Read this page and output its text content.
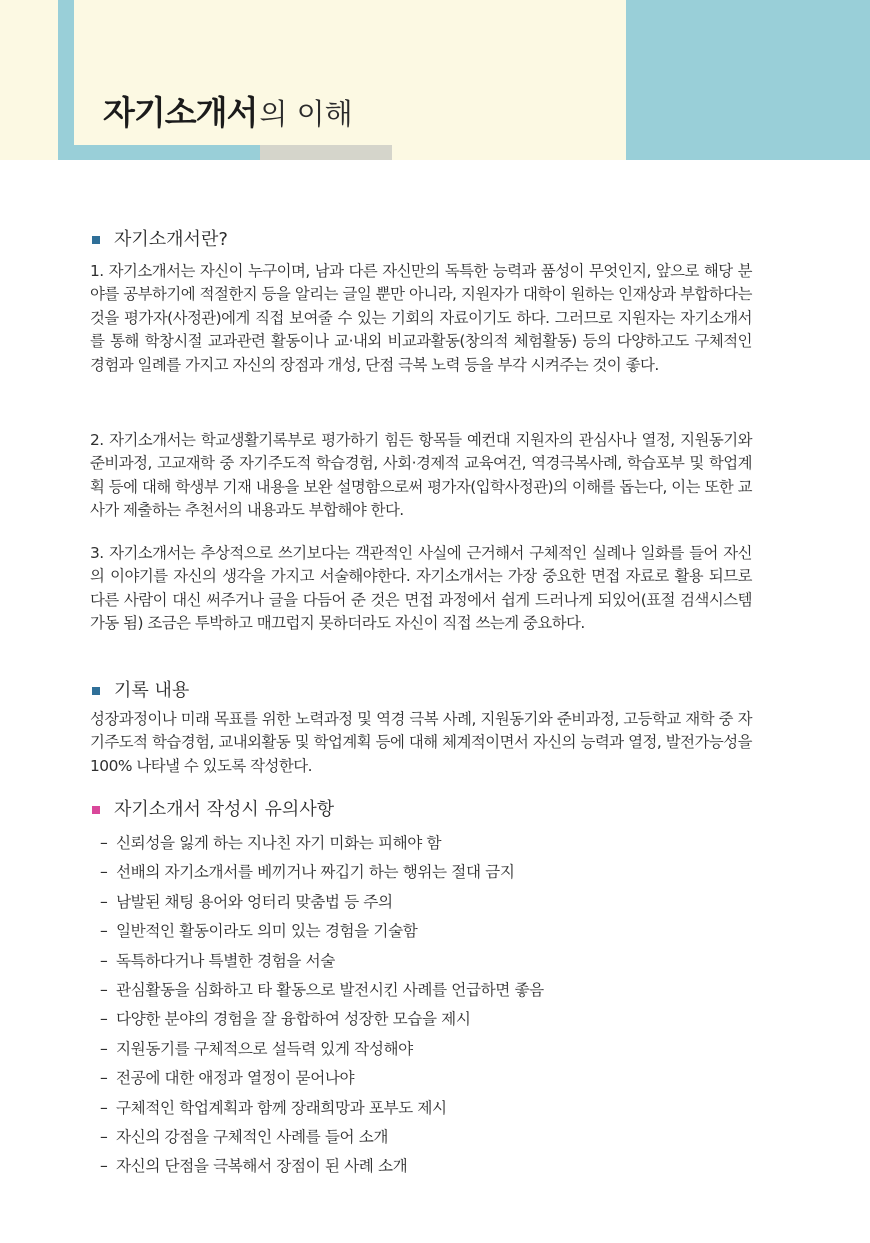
자기소개서의 이해
자기소개서란?

1. 자기소개서는 자신이 누구이며, 남과 다른 자신만의 독특한 능력과 품성이 무엇인지, 앞으로 해당 분야를 공부하기에 적절한지 등을 알리는 글일 뿐만 아니라, 지원자가 대학이 원하는 인재상과 부합하다는 것을 평가자(사정관)에게 직접 보여줄 수 있는 기회의 자료이기도 하다. 그러므로 지원자는 자기소개서를 통해 학창시절 교과관련 활동이나 교·내외 비교과활동(창의적 체험활동) 등의 다양하고도 구체적인 경험과 일례를 가지고 자신의 장점과 개성, 단점 극복 노력 등을 부각 시켜주는 것이 좋다.

2. 자기소개서는 학교생활기록부로 평가하기 힘든 항목들 예컨대 지원자의 관심사나 열정, 지원동기와 준비과정, 고교재학 중 자기주도적 학습경험, 사회·경제적 교육여건, 역경극복사례, 학습포부 및 학업계획 등에 대해 학생부 기재 내용을 보완 설명함으로써 평가자(입학사정관)의 이해를 돕는다, 이는 또한 교사가 제출하는 추천서의 내용과도 부합해야 한다.

3. 자기소개서는 추상적으로 쓰기보다는 객관적인 사실에 근거해서 구체적인 실례나 일화를 들어 자신의 이야기를 자신의 생각을 가지고 서술해야한다. 자기소개서는 가장 중요한 면접 자료로 활용 되므로 다른 사람이 대신 써주거나 글을 다듬어 준 것은 면접 과정에서 쉽게 드러나게 되있어(표절 검색시스템 가동 됨) 조금은 투박하고 매끄럽지 못하더라도 자신이 직접 쓰는게 중요하다.

기록 내용

성장과정이나 미래 목표를 위한 노력과정 및 역경 극복 사례, 지원동기와 준비과정, 고등학교 재학 중 자기주도적 학습경험, 교내외활동 및 학업계획 등에 대해 체계적이면서 자신의 능력과 열정, 발전가능성을 100% 나타낼 수 있도록 작성한다.

자기소개서 작성시 유의사항
– 신뢰성을 잃게 하는 지나친 자기 미화는 피해야 함
– 선배의 자기소개서를 베끼거나 짜깁기 하는 행위는 절대 금지
– 남발된 채팅 용어와 엉터리 맞춤법 등 주의
– 일반적인 활동이라도 의미 있는 경험을 기술함
– 독특하다거나 특별한 경험을 서술
– 관심활동을 심화하고 타 활동으로 발전시킨 사례를 언급하면 좋음
– 다양한 분야의 경험을 잘 융합하여 성장한 모습을 제시
– 지원동기를 구체적으로 설득력 있게 작성해야
– 전공에 대한 애정과 열정이 묻어나야
– 구체적인 학업계획과 함께 장래희망과 포부도 제시
– 자신의 강점을 구체적인 사례를 들어 소개
– 자신의 단점을 극복해서 장점이 된 사례 소개
